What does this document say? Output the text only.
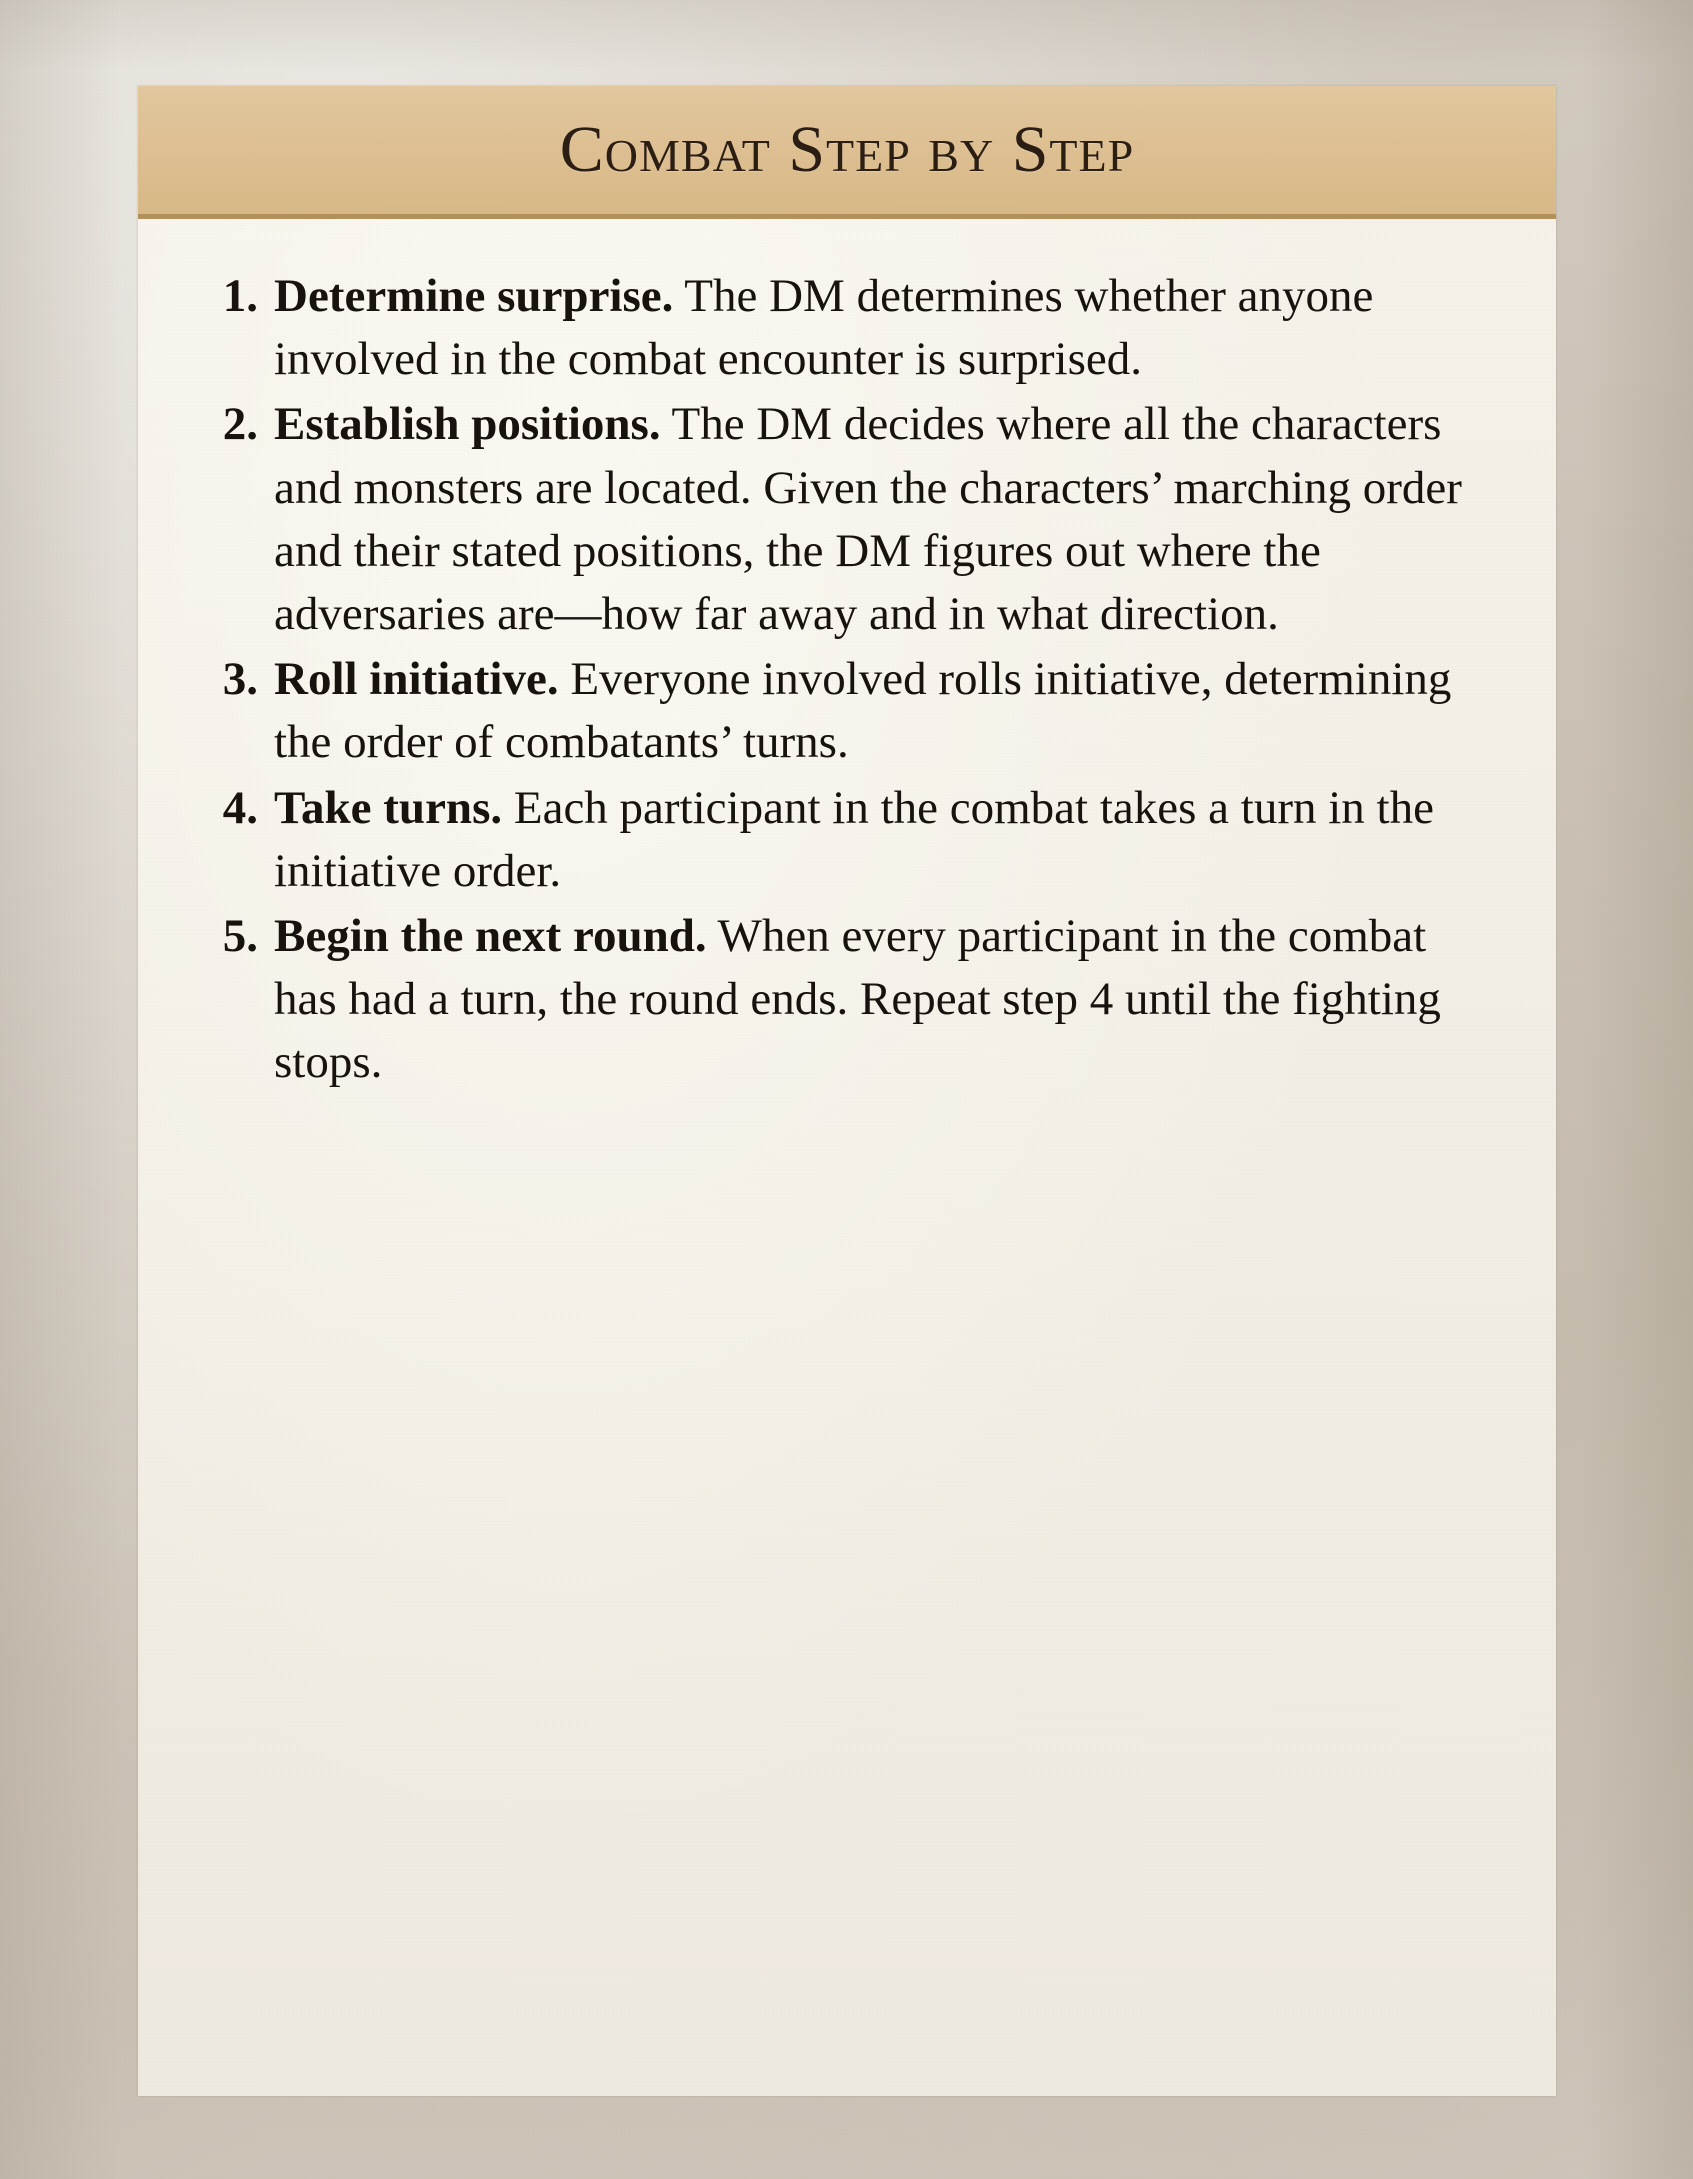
Combat Step by Step
1. Determine surprise. The DM determines whether anyone involved in the combat encounter is surprised.
2. Establish positions. The DM decides where all the characters and monsters are located. Given the characters’ marching order and their stated positions, the DM figures out where the adversaries are—how far away and in what direction.
3. Roll initiative. Everyone involved rolls initiative, determining the order of combatants’ turns.
4. Take turns. Each participant in the combat takes a turn in the initiative order.
5. Begin the next round. When every participant in the combat has had a turn, the round ends. Repeat step 4 until the fighting stops.
